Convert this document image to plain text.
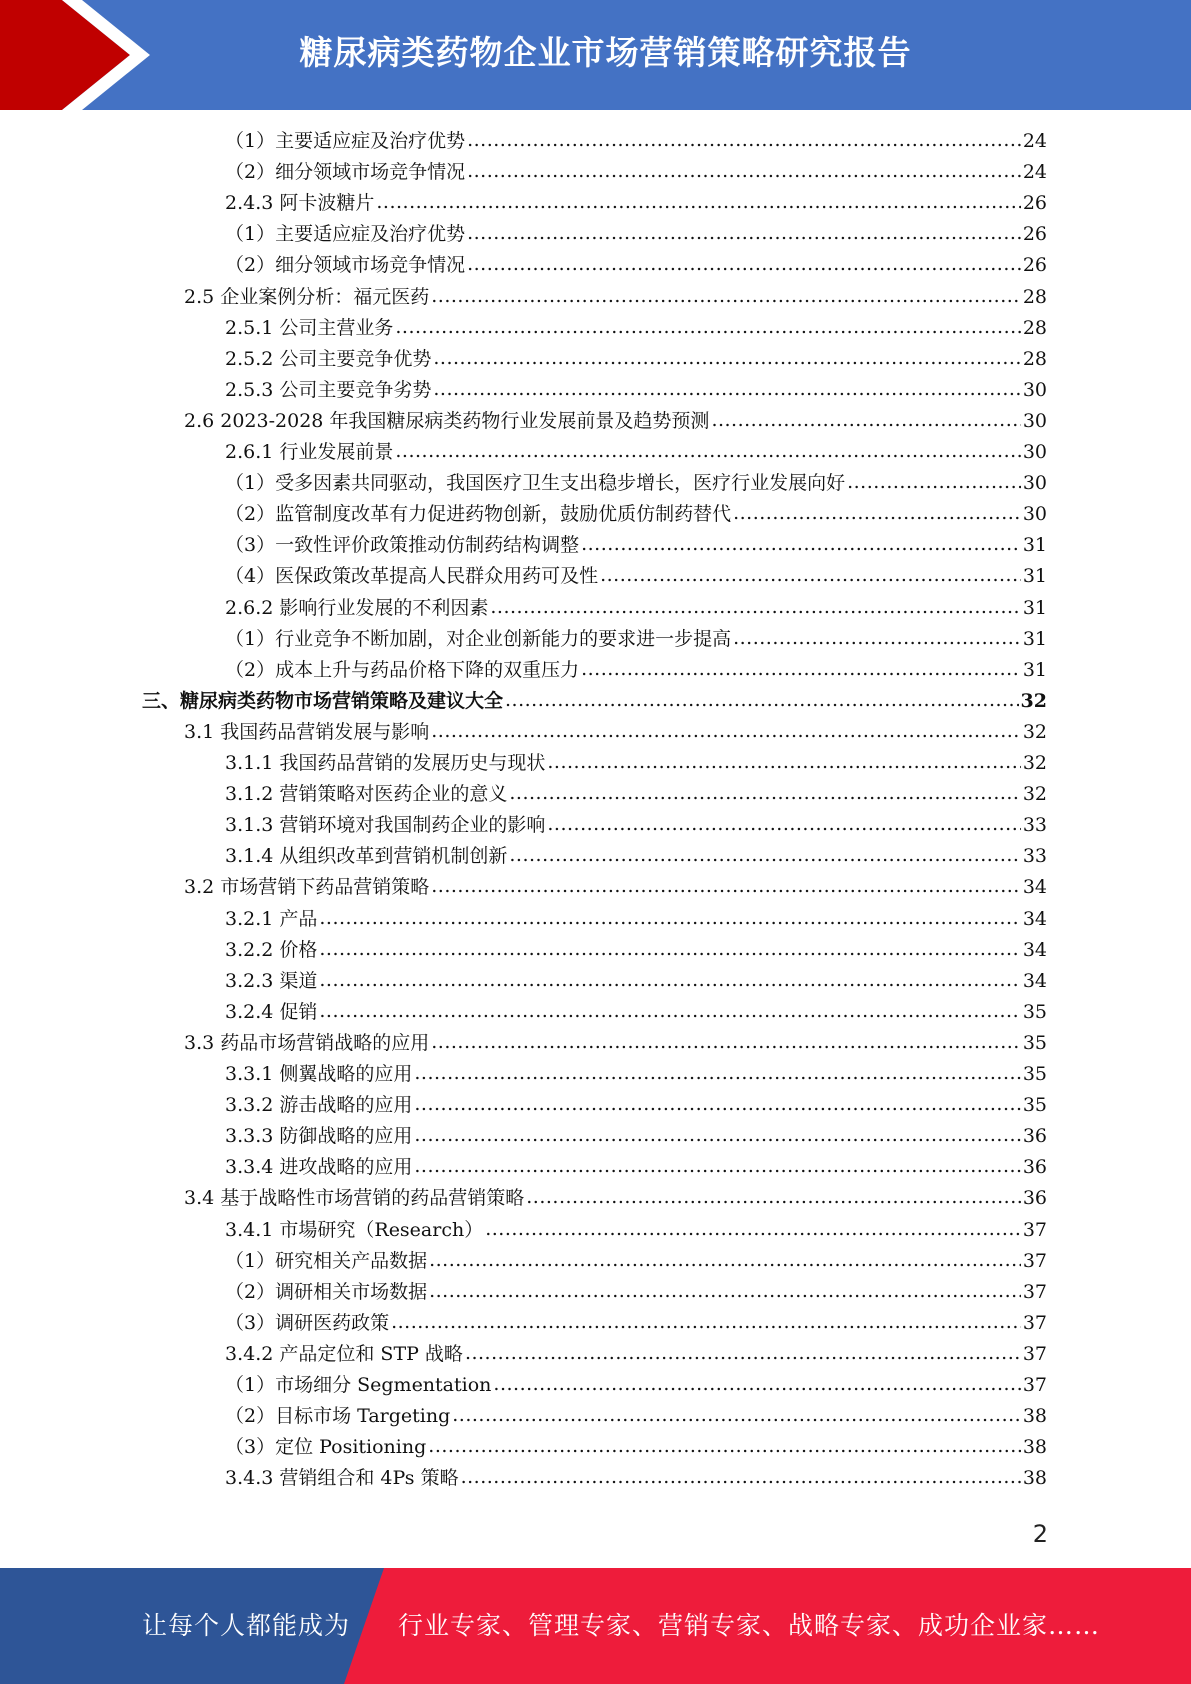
糖尿病类药物企业市场营销策略研究报告
（1）主要适应症及治疗优势 .....	24
（2）细分领域市场竞争情况 .....	24
2.4.3 阿卡波糖片 .....	26
（1）主要适应症及治疗优势 .....	26
（2）细分领域市场竞争情况 .....	26
2.5 企业案例分析：福元医药 .....	28
2.5.1 公司主营业务 .....	28
2.5.2 公司主要竞争优势 .....	28
2.5.3 公司主要竞争劣势 .....	30
2.6 2023-2028 年我国糖尿病类药物行业发展前景及趋势预测 .....	30
2.6.1 行业发展前景 .....	30
（1）受多因素共同驱动，我国医疗卫生支出稳步增长，医疗行业发展向好 .....	30
（2）监管制度改革有力促进药物创新，鼓励优质仿制药替代 .....	30
（3）一致性评价政策推动仿制药结构调整 .....	31
（4）医保政策改革提高人民群众用药可及性 .....	31
2.6.2 影响行业发展的不利因素 .....	31
（1）行业竞争不断加剧，对企业创新能力的要求进一步提高 .....	31
（2）成本上升与药品价格下降的双重压力 .....	31
三、糖尿病类药物市场营销策略及建议大全 .....	32
3.1 我国药品营销发展与影响 .....	32
3.1.1 我国药品营销的发展历史与现状 .....	32
3.1.2 营销策略对医药企业的意义 .....	32
3.1.3 营销环境对我国制药企业的影响 .....	33
3.1.4 从组织改革到营销机制创新 .....	33
3.2 市场营销下药品营销策略 .....	34
3.2.1 产品 .....	34
3.2.2 价格 .....	34
3.2.3 渠道 .....	34
3.2.4 促销 .....	35
3.3 药品市场营销战略的应用 .....	35
3.3.1 侧翼战略的应用 .....	35
3.3.2 游击战略的应用 .....	35
3.3.3 防御战略的应用 .....	36
3.3.4 进攻战略的应用 .....	36
3.4 基于战略性市场营销的药品营销策略 .....	36
3.4.1 市場研究（Research） .....	37
（1）研究相关产品数据 .....	37
（2）调研相关市场数据 .....	37
（3）调研医药政策 .....	37
3.4.2 产品定位和 STP 战略 .....	37
（1）市场细分 Segmentation .....	37
（2）目标市场 Targeting .....	38
（3）定位 Positioning .....	38
3.4.3 营销组合和 4Ps 策略 .....	38
2
让每个人都能成为 行业专家、管理专家、营销专家、战略专家、成功企业家……
